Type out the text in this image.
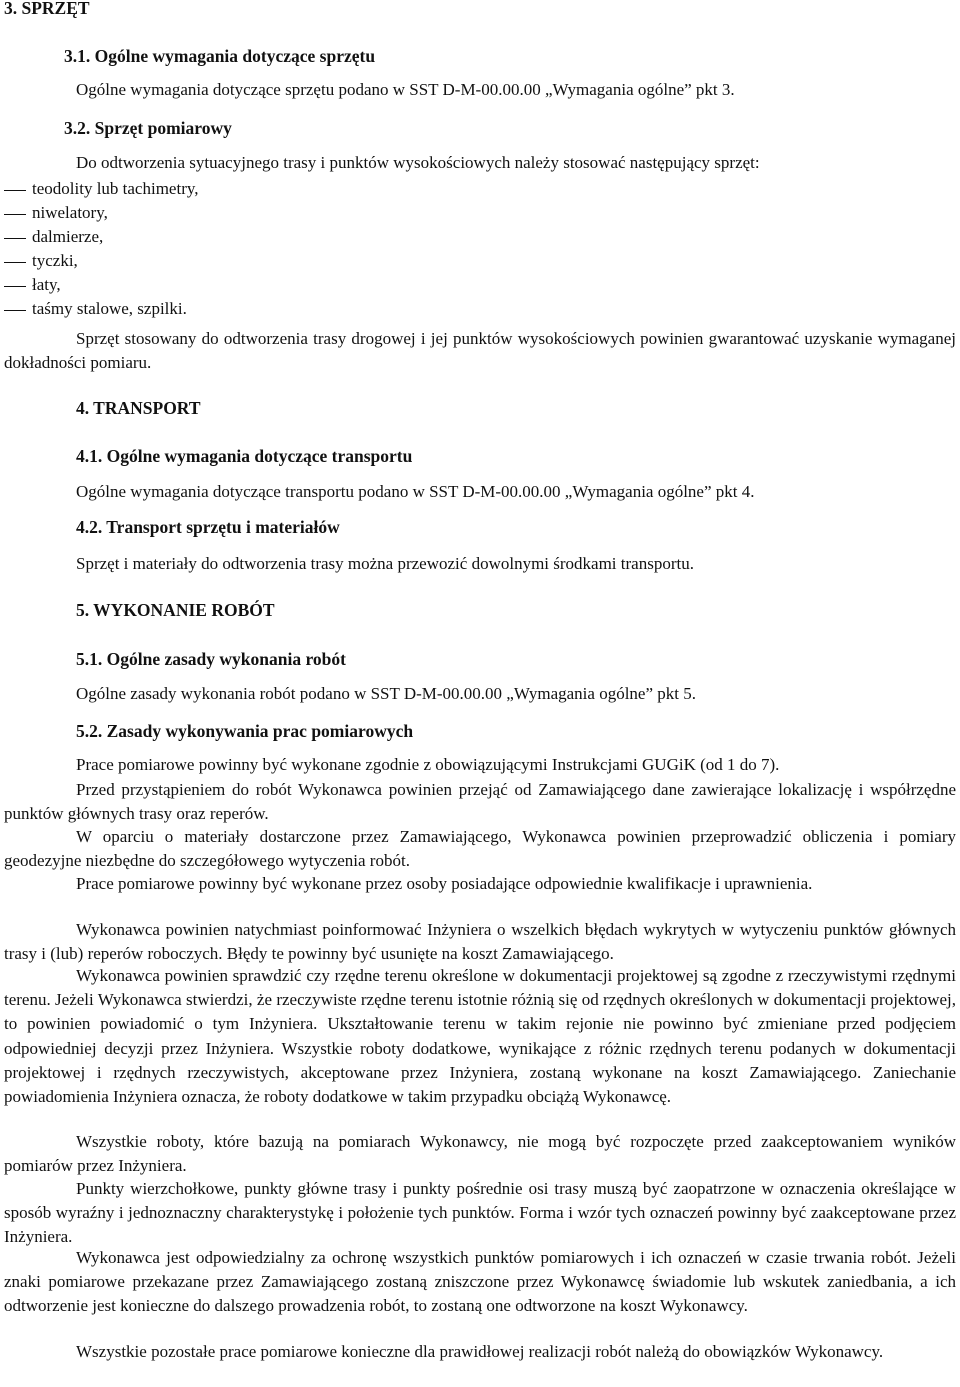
3. SPRZĘT
3.1. Ogólne wymagania dotyczące sprzętu
Ogólne wymagania dotyczące sprzętu podano w SST D-M-00.00.00 „Wymagania ogólne” pkt 3.
3.2. Sprzęt pomiarowy
Do odtworzenia sytuacyjnego trasy i punktów wysokościowych należy stosować następujący sprzęt:
teodolity lub tachimetry,
niwelatory,
dalmierze,
tyczki,
łaty,
taśmy stalowe, szpilki.
Sprzęt stosowany do odtworzenia trasy drogowej i jej punktów wysokościowych powinien gwarantować uzyskanie wymaganej dokładności pomiaru.
4. TRANSPORT
4.1. Ogólne wymagania dotyczące transportu
Ogólne wymagania dotyczące transportu podano w SST D-M-00.00.00 „Wymagania ogólne” pkt 4.
4.2. Transport sprzętu i materiałów
Sprzęt i materiały do odtworzenia trasy można przewozić dowolnymi środkami transportu.
5. WYKONANIE ROBÓT
5.1. Ogólne zasady wykonania robót
Ogólne zasady wykonania robót podano w SST D-M-00.00.00 „Wymagania ogólne” pkt 5.
5.2. Zasady wykonywania prac pomiarowych
Prace pomiarowe powinny być wykonane zgodnie z obowiązującymi Instrukcjami GUGiK (od 1 do 7).
Przed przystąpieniem do robót Wykonawca powinien przejąć od Zamawiającego dane zawierające lokalizację i współrzędne punktów głównych trasy oraz reperów.
W oparciu o materiały dostarczone przez Zamawiającego, Wykonawca powinien przeprowadzić obliczenia i pomiary geodezyjne niezbędne do szczegółowego wytyczenia robót.
Prace pomiarowe powinny być wykonane przez osoby posiadające odpowiednie kwalifikacje i uprawnienia.
Wykonawca powinien natychmiast poinformować Inżyniera o wszelkich błędach wykrytych w wytyczeniu punktów głównych trasy i (lub) reperów roboczych. Błędy te powinny być usunięte na koszt Zamawiającego.
Wykonawca powinien sprawdzić czy rzędne terenu określone w dokumentacji projektowej są zgodne z rzeczywistymi rzędnymi terenu. Jeżeli Wykonawca stwierdzi, że rzeczywiste rzędne terenu istotnie różnią się od rzędnych określonych w dokumentacji projektowej, to powinien powiadomić o tym Inżyniera. Ukształtowanie terenu w takim rejonie nie powinno być zmieniane przed podjęciem odpowiedniej decyzji przez Inżyniera. Wszystkie roboty dodatkowe, wynikające z różnic rzędnych terenu podanych w dokumentacji projektowej i rzędnych rzeczywistych, akceptowane przez Inżyniera, zostaną wykonane na koszt Zamawiającego. Zaniechanie powiadomienia Inżyniera oznacza, że roboty dodatkowe w takim przypadku obciążą Wykonawcę.
Wszystkie roboty, które bazują na pomiarach Wykonawcy, nie mogą być rozpoczęte przed zaakceptowaniem wyników pomiarów przez Inżyniera.
Punkty wierzchołkowe, punkty główne trasy i punkty pośrednie osi trasy muszą być zaopatrzone w oznaczenia określające w sposób wyraźny i jednoznaczny charakterystykę i położenie tych punktów. Forma i wzór tych oznaczeń powinny być zaakceptowane przez Inżyniera.
Wykonawca jest odpowiedzialny za ochronę wszystkich punktów pomiarowych i ich oznaczeń w czasie trwania robót. Jeżeli znaki pomiarowe przekazane przez Zamawiającego zostaną zniszczone przez Wykonawcę świadomie lub wskutek zaniedbania, a ich odtworzenie jest konieczne do dalszego prowadzenia robót, to zostaną one odtworzone na koszt Wykonawcy.
Wszystkie pozostałe prace pomiarowe konieczne dla prawidłowej realizacji robót należą do obowiązków Wykonawcy.
